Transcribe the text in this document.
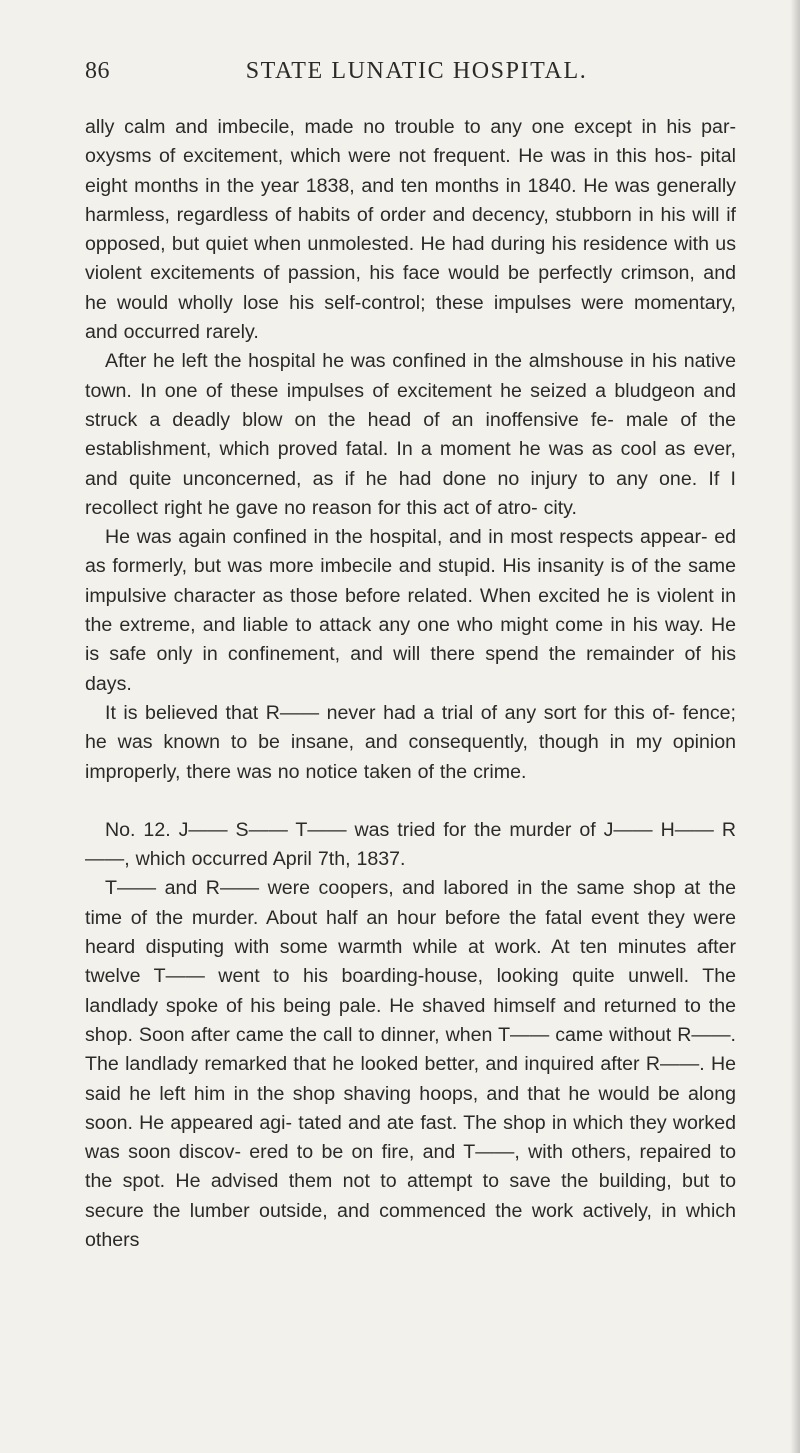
86	STATE LUNATIC HOSPITAL.

ally calm and imbecile, made no trouble to any one except in his par- oxysms of excitement, which were not frequent. He was in this hos- pital eight months in the year 1838, and ten months in 1840. He was generally harmless, regardless of habits of order and decency, stubborn in his will if opposed, but quiet when unmolested. He had during his residence with us violent excitements of passion, his face would be perfectly crimson, and he would wholly lose his self-control; these impulses were momentary, and occurred rarely.

After he left the hospital he was confined in the almshouse in his native town. In one of these impulses of excitement he seized a bludgeon and struck a deadly blow on the head of an inoffensive fe- male of the establishment, which proved fatal. In a moment he was as cool as ever, and quite unconcerned, as if he had done no injury to any one. If I recollect right he gave no reason for this act of atro- city.

He was again confined in the hospital, and in most respects appear- ed as formerly, but was more imbecile and stupid. His insanity is of the same impulsive character as those before related. When excited he is violent in the extreme, and liable to attack any one who might come in his way. He is safe only in confinement, and will there spend the remainder of his days.

It is believed that R—— never had a trial of any sort for this of- fence; he was known to be insane, and consequently, though in my opinion improperly, there was no notice taken of the crime.

No. 12. J—— S—— T—— was tried for the murder of J—— H—— R——, which occurred April 7th, 1837.

T—— and R—— were coopers, and labored in the same shop at the time of the murder. About half an hour before the fatal event they were heard disputing with some warmth while at work. At ten minutes after twelve T—— went to his boarding-house, looking quite unwell. The landlady spoke of his being pale. He shaved himself and returned to the shop. Soon after came the call to dinner, when T—— came without R——. The landlady remarked that he looked better, and inquired after R——. He said he left him in the shop shaving hoops, and that he would be along soon. He appeared agi- tated and ate fast. The shop in which they worked was soon discov- ered to be on fire, and T——, with others, repaired to the spot. He advised them not to attempt to save the building, but to secure the lumber outside, and commenced the work actively, in which others
